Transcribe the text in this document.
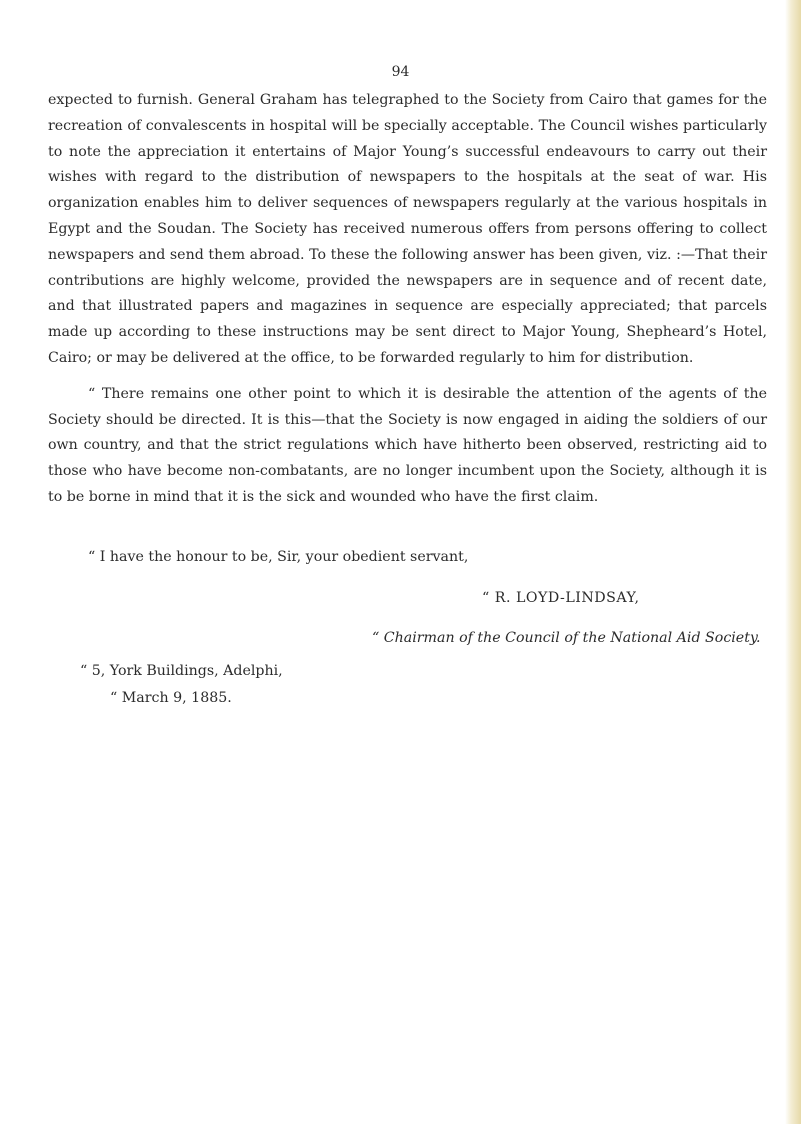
94

expected to furnish. General Graham has telegraphed to the Society from Cairo that games for the recreation of convalescents in hospital will be specially acceptable. The Council wishes particularly to note the appreciation it entertains of Major Young’s successful endeavours to carry out their wishes with regard to the distribution of newspapers to the hospitals at the seat of war. His organization enables him to deliver sequences of newspapers regularly at the various hospitals in Egypt and the Soudan. The Society has received numerous offers from persons offering to collect newspapers and send them abroad. To these the following answer has been given, viz. :—That their contributions are highly welcome, provided the newspapers are in sequence and of recent date, and that illustrated papers and magazines in sequence are especially appreciated; that parcels made up according to these instructions may be sent direct to Major Young, Shepheard’s Hotel, Cairo; or may be delivered at the office, to be forwarded regularly to him for distribution.

“ There remains one other point to which it is desirable the attention of the agents of the Society should be directed. It is this—that the Society is now engaged in aiding the soldiers of our own country, and that the strict regulations which have hitherto been observed, restricting aid to those who have become non-combatants, are no longer incumbent upon the Society, although it is to be borne in mind that it is the sick and wounded who have the first claim.

“ I have the honour to be, Sir, your obedient servant,
“ R. LOYD-LINDSAY,
“ Chairman of the Council of the National Aid Society.
“ 5, York Buildings, Adelphi,
“ March 9, 1885.
